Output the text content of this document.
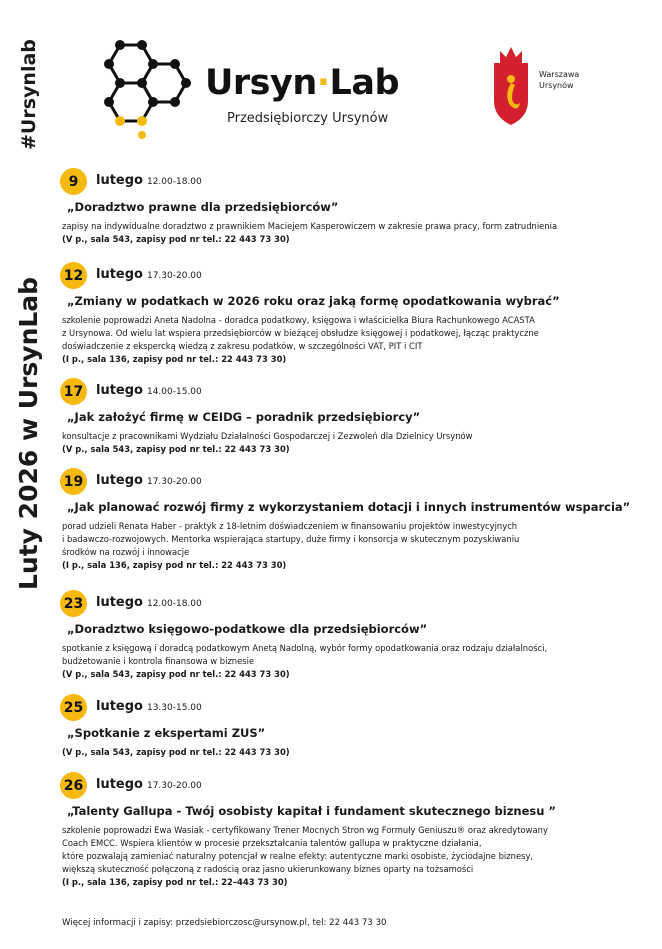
#Ursynlab
Luty 2026 w UrsynLab
Ursyn·Lab
Przedsiębiorczy Ursynów
Warszawa
Ursynów
9	lutego 12.00-18.00
„Doradztwo prawne dla przedsiębiorców”
zapisy na indywidualne doradztwo z prawnikiem Maciejem Kasperowiczem w zakresie prawa pracy, form zatrudnienia
(V p., sala 543, zapisy pod nr tel.: 22 443 73 30)
12 lutego 17.30-20.00
„Zmiany w podatkach w 2026 roku oraz jaką formę opodatkowania wybrać”
szkolenie poprowadzi Aneta Nadolna - doradca podatkowy, księgowa i właścicielka Biura Rachunkowego ACASTA
z Ursynowa. Od wielu lat wspiera przedsiębiorców w bieżącej obsłudze księgowej i podatkowej, łącząc praktyczne
doświadczenie z ekspercką wiedzą z zakresu podatków, w szczególności VAT, PIT i CIT
(I p., sala 136, zapisy pod nr tel.: 22 443 73 30)
17 lutego 14.00-15.00
„Jak założyć firmę w CEIDG – poradnik przedsiębiorcy”
konsultacje z pracownikami Wydziału Działalności Gospodarczej i Zezwoleń dla Dzielnicy Ursynów
(V p., sala 543, zapisy pod nr tel.: 22 443 73 30)
19 lutego 17.30-20.00
„Jak planować rozwój firmy z wykorzystaniem dotacji i innych instrumentów wsparcia”
porad udzieli Renata Haber - praktyk z 18-letnim doświadczeniem w finansowaniu projektów inwestycyjnych
i badawczo-rozwojowych. Mentorka wspierająca startupy, duże firmy i konsorcja w skutecznym pozyskiwaniu
środków na rozwój i innowacje
(I p., sala 136, zapisy pod nr tel.: 22 443 73 30)
23 lutego 12.00-18.00
„Doradztwo księgowo-podatkowe dla przedsiębiorców”
spotkanie z księgową i doradcą podatkowym Anetą Nadolną, wybór formy opodatkowania oraz rodzaju działalności,
budżetowanie i kontrola finansowa w biznesie
(V p., sala 543, zapisy pod nr tel.: 22 443 73 30)
25 lutego 13.30-15.00
„Spotkanie z ekspertami ZUS”
(V p., sala 543, zapisy pod nr tel.: 22 443 73 30)
26 lutego 17.30-20.00
„Talenty Gallupa - Twój osobisty kapitał i fundament skutecznego biznesu ”
szkolenie poprowadzi Ewa Wasiak - certyfikowany Trener Mocnych Stron wg Formuły Geniuszu® oraz akredytowany
Coach EMCC. Wspiera klientów w procesie przekształcania talentów gallupa w praktyczne działania,
które pozwalają zamieniać naturalny potencjał w realne efekty: autentyczne marki osobiste, życiodajne biznesy,
większą skuteczność połączoną z radością oraz jasno ukierunkowany biznes oparty na tożsamości
(I p., sala 136, zapisy pod nr tel.: 22–443 73 30)
Więcej informacji i zapisy: przedsiebiorczosc@ursynow.pl, tel: 22 443 73 30
